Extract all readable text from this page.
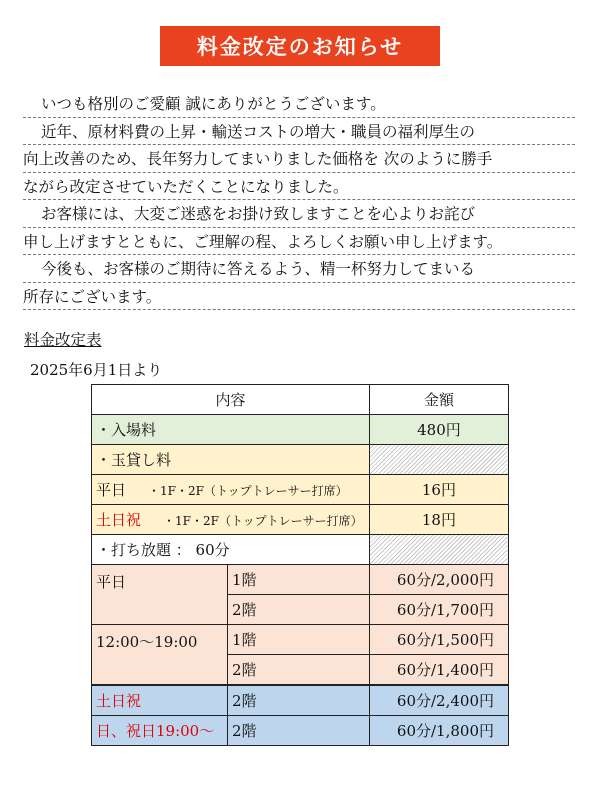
料金改定のお知らせ
いつも格別のご愛顧 誠にありがとうございます。
近年、原材料費の上昇・輸送コストの増大・職員の福利厚生の
向上改善のため、長年努力してまいりました価格を 次のように勝手
ながら改定させていただくことになりました。
お客様には、大変ご迷惑をお掛け致しますことを心よりお詫び
申し上げますとともに、ご理解の程、よろしくお願い申し上げます。
今後も、お客様のご期待に答えるよう、精一杯努力してまいる
所存にございます。
料金改定表
2025年6月1日より
内容		金額
・入場料		480円
・玉貸し料		
平日 ・1F・2F（トップトレーサー打席）		16円
土日祝 ・1F・2F（トップトレーサー打席）		18円
・打ち放題 ： 60分		
平日	1階	60分/2,000円
	2階	60分/1,700円
12:00～19:00	1階	60分/1,500円
	2階	60分/1,400円
土日祝	2階	60分/2,400円
日、祝日19:00～	2階	60分/1,800円
